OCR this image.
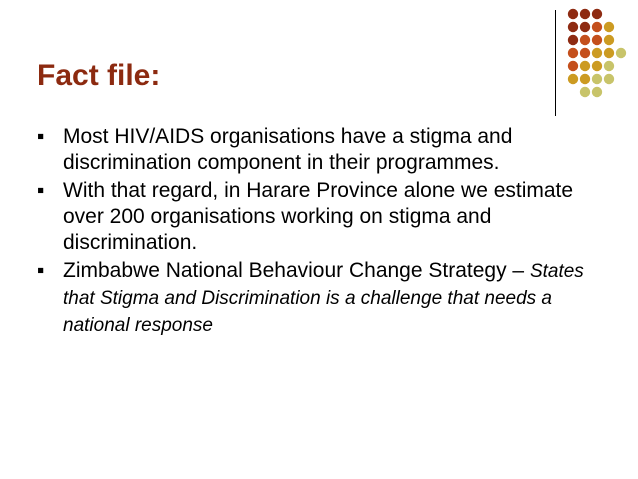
Fact file:
▪ Most HIV/AIDS organisations have a stigma and discrimination component in their programmes.
▪ With that regard, in Harare Province alone we estimate over 200 organisations working on stigma and discrimination.
▪ Zimbabwe National Behaviour Change Strategy – States that Stigma and Discrimination is a challenge that needs a national response
